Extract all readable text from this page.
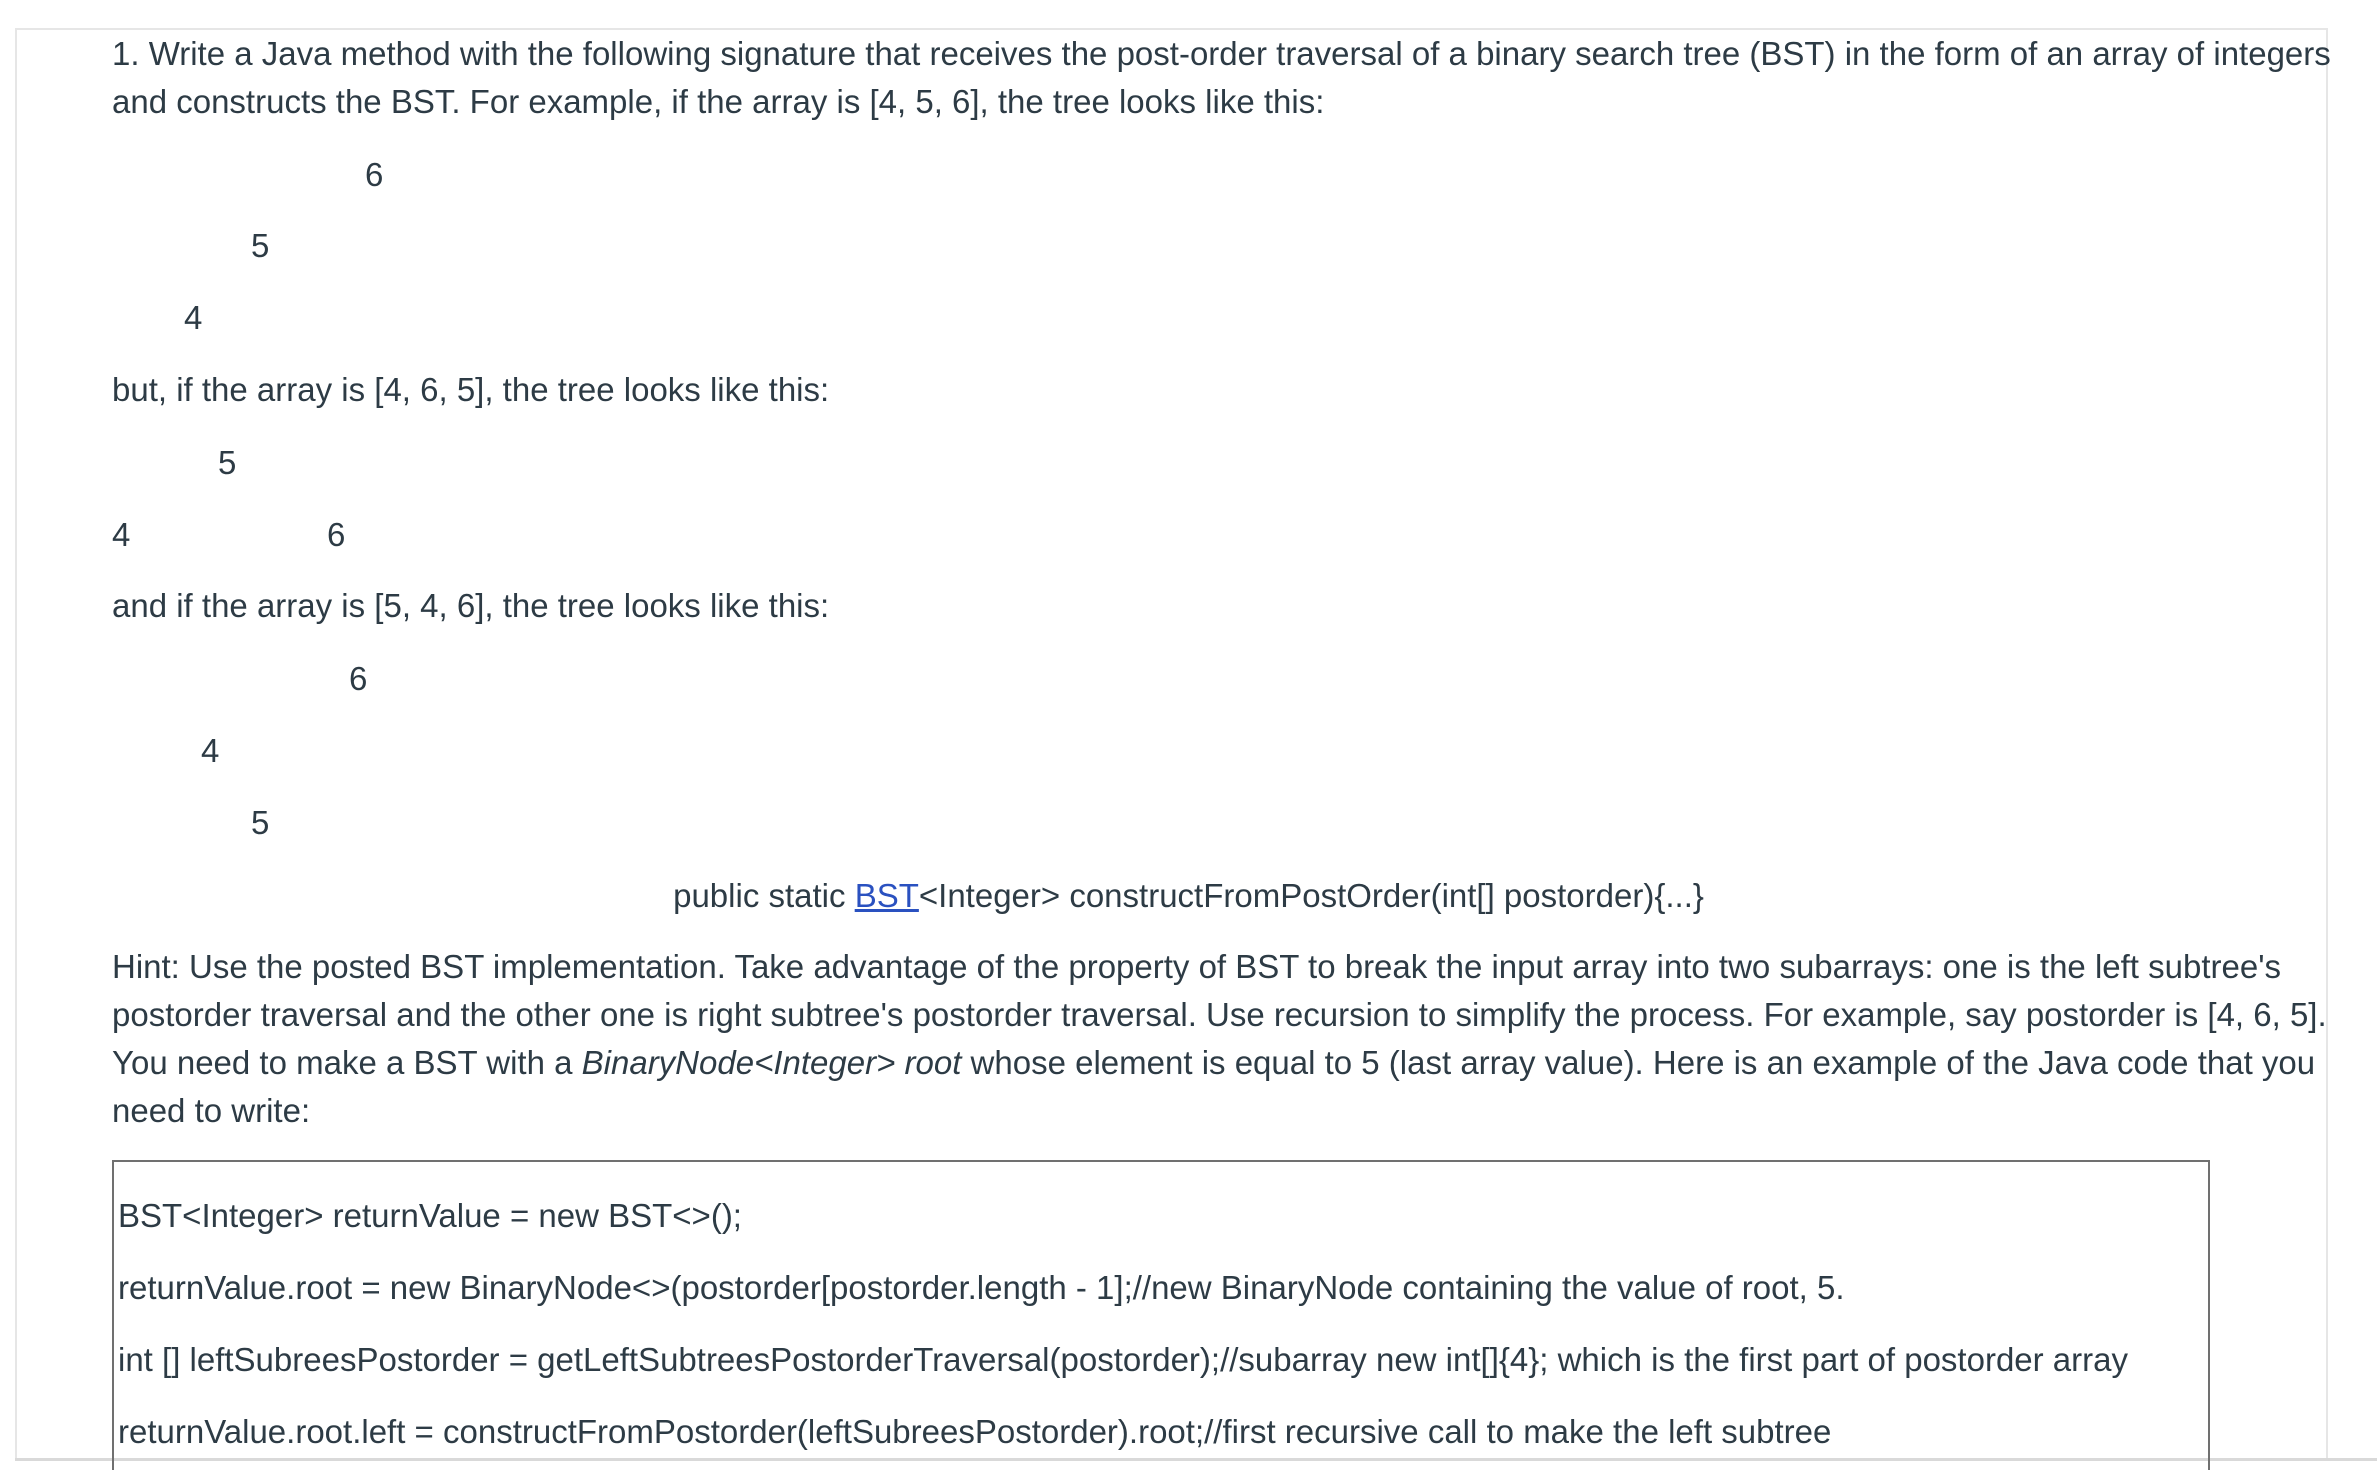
1. Write a Java method with the following signature that receives the post-order traversal of a binary search tree (BST) in the form of an array of integers

and constructs the BST. For example, if the array is [4, 5, 6], the tree looks like this:

6
5
4
but, if the array is [4, 6, 5], the tree looks like this:
5
4	6
and if the array is [5, 4, 6], the tree looks like this:
6
4
5
public static BST<Integer> constructFromPostOrder(int[] postorder){...}

Hint: Use the posted BST implementation. Take advantage of the property of BST to break the input array into two subarrays: one is the left subtree's

postorder traversal and the other one is right subtree's postorder traversal. Use recursion to simplify the process. For example, say postorder is [4, 6, 5].

You need to make a BST with a BinaryNode<Integer> root whose element is equal to 5 (last array value). Here is an example of the Java code that you

need to write:

BST<Integer> returnValue = new BST<>();
returnValue.root = new BinaryNode<>(postorder[postorder.length - 1];//new BinaryNode containing the value of root, 5.
int [] leftSubreesPostorder = getLeftSubtreesPostorderTraversal(postorder);//subarray new int[]{4}; which is the first part of postorder array
returnValue.root.left = constructFromPostorder(leftSubreesPostorder).root;//first recursive call to make the left subtree
